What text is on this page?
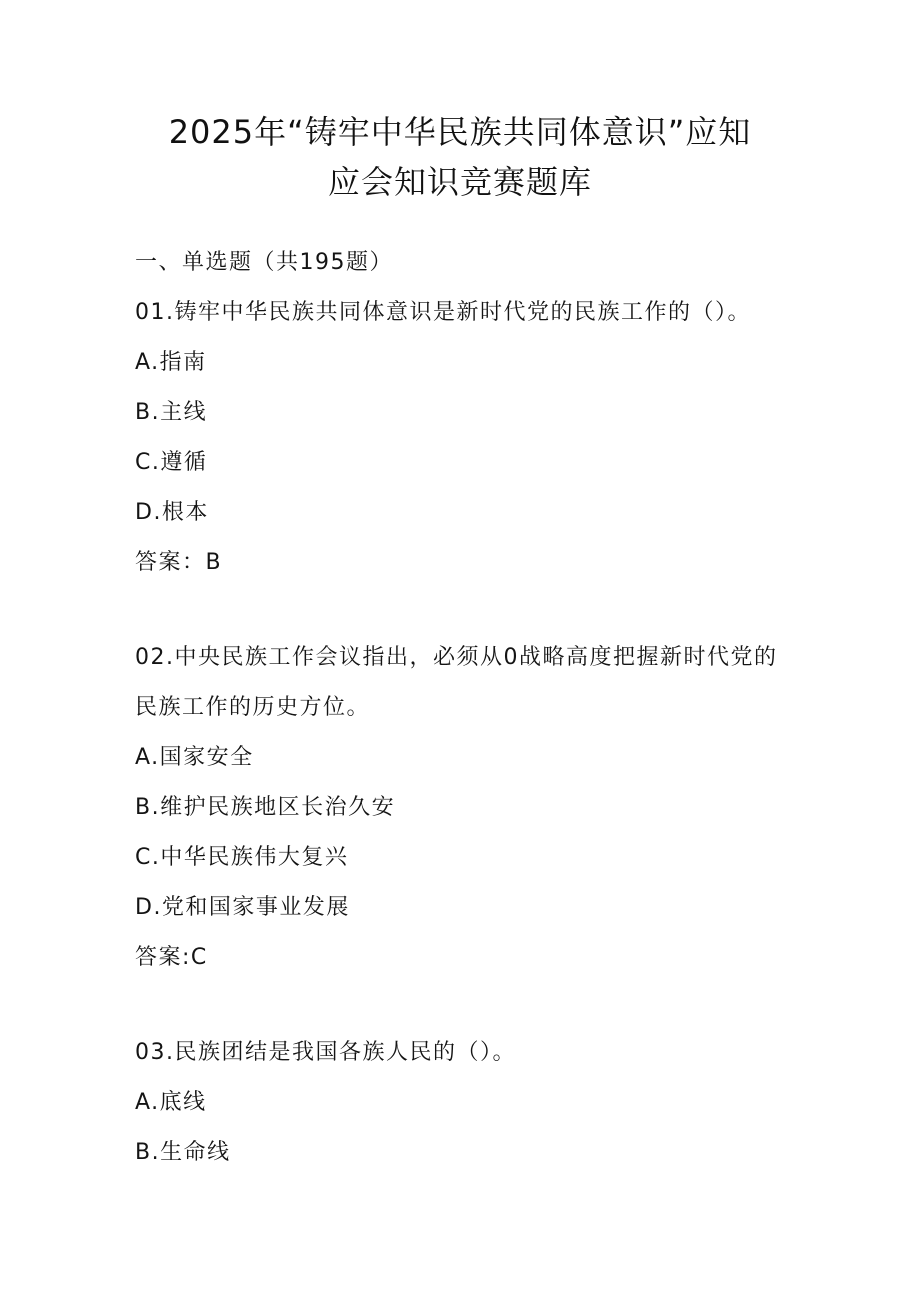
2025年“铸牢中华民族共同体意识”应知
应会知识竞赛题库
一、单选题（共195题）
01.铸牢中华民族共同体意识是新时代党的民族工作的（）。
A.指南
B.主线
C.遵循
D.根本
答案：B
02.中央民族工作会议指出，必须从0战略高度把握新时代党的
民族工作的历史方位。
A.国家安全
B.维护民族地区长治久安
C.中华民族伟大复兴
D.党和国家事业发展
答案:C
03.民族团结是我国各族人民的（）。
A.底线
B.生命线
